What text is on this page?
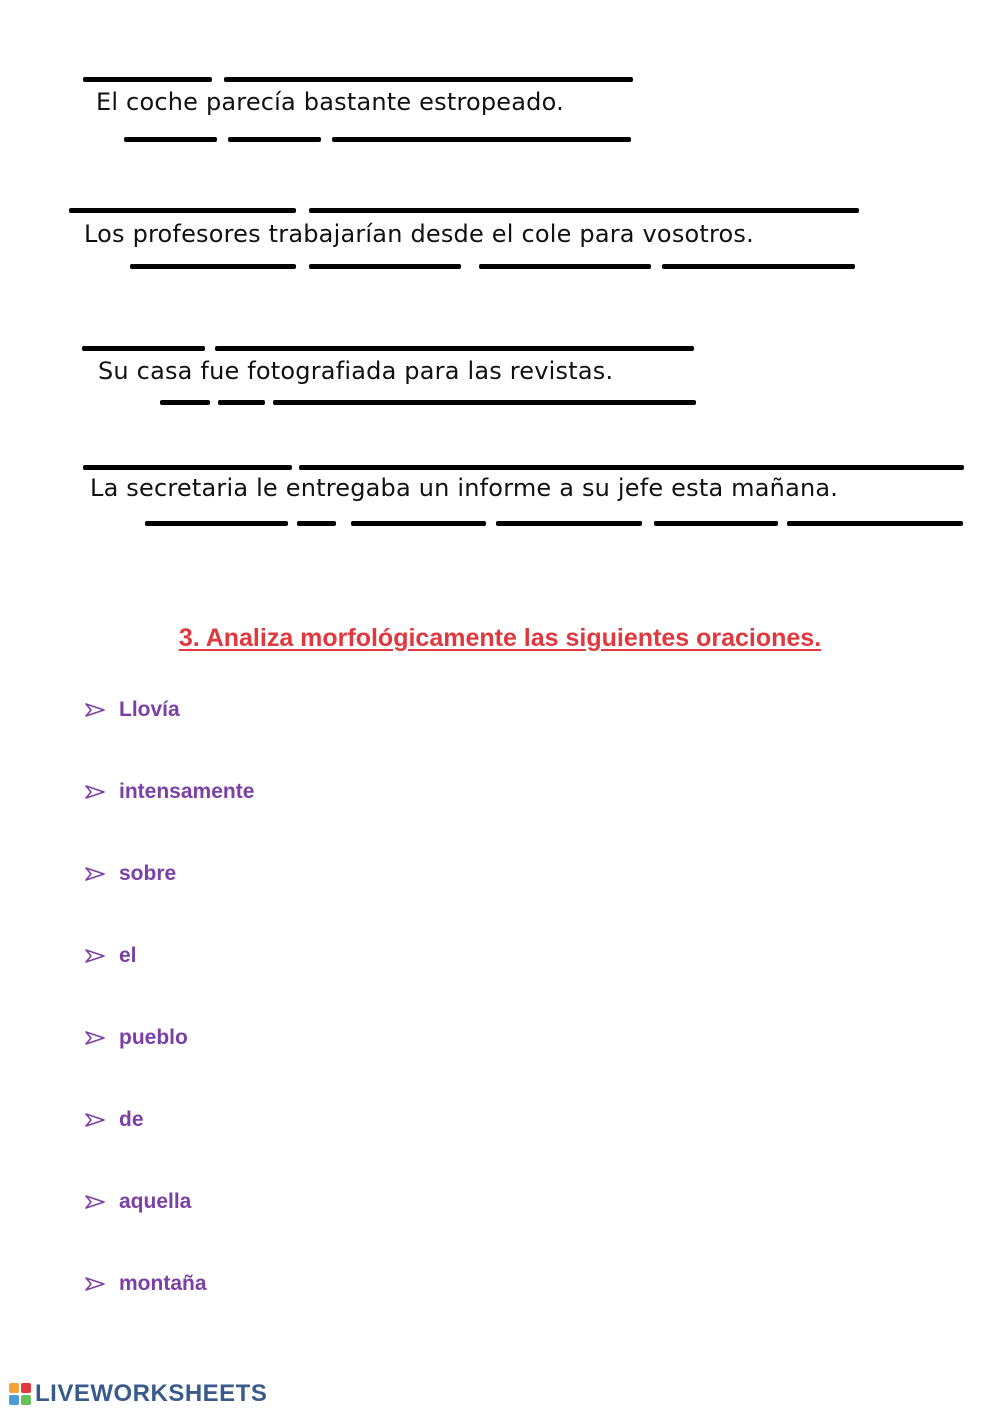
El coche parecía bastante estropeado.
Los profesores trabajarían desde el cole para vosotros.
Su casa fue fotografiada para las revistas.
La secretaria le entregaba un informe a su jefe esta mañana.
3. Analiza morfológicamente las siguientes oraciones.
Llovía
intensamente
sobre
el
pueblo
de
aquella
montaña
LIVEWORKSHEETS
